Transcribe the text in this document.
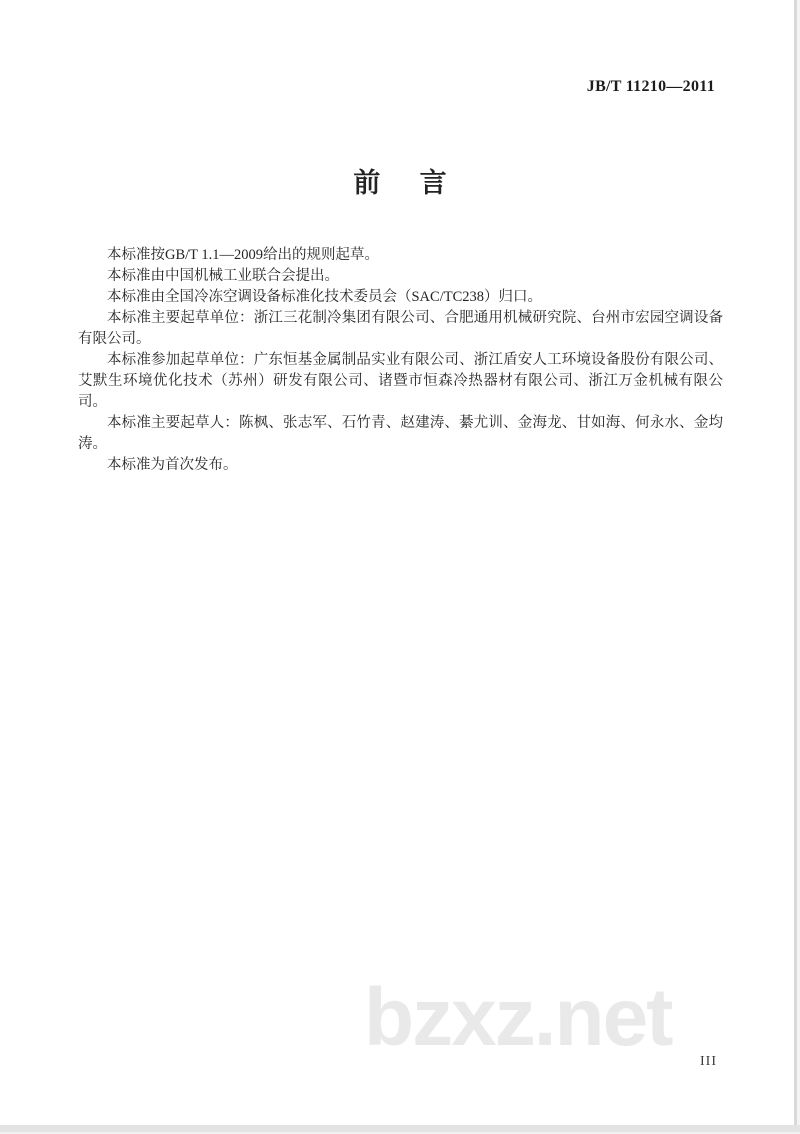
JB/T 11210—2011
前 言

本标准按GB/T 1.1—2009给出的规则起草。

本标准由中国机械工业联合会提出。

本标准由全国冷冻空调设备标准化技术委员会（SAC/TC238）归口。

本标准主要起草单位：浙江三花制冷集团有限公司、合肥通用机械研究院、台州市宏园空调设备有限公司。

本标准参加起草单位：广东恒基金属制品实业有限公司、浙江盾安人工环境设备股份有限公司、艾默生环境优化技术（苏州）研发有限公司、诸暨市恒森冷热器材有限公司、浙江万金机械有限公司。

本标准主要起草人：陈枫、张志军、石竹青、赵建涛、綦尤训、金海龙、甘如海、何永水、金均涛。

本标准为首次发布。

bzxz.net III
